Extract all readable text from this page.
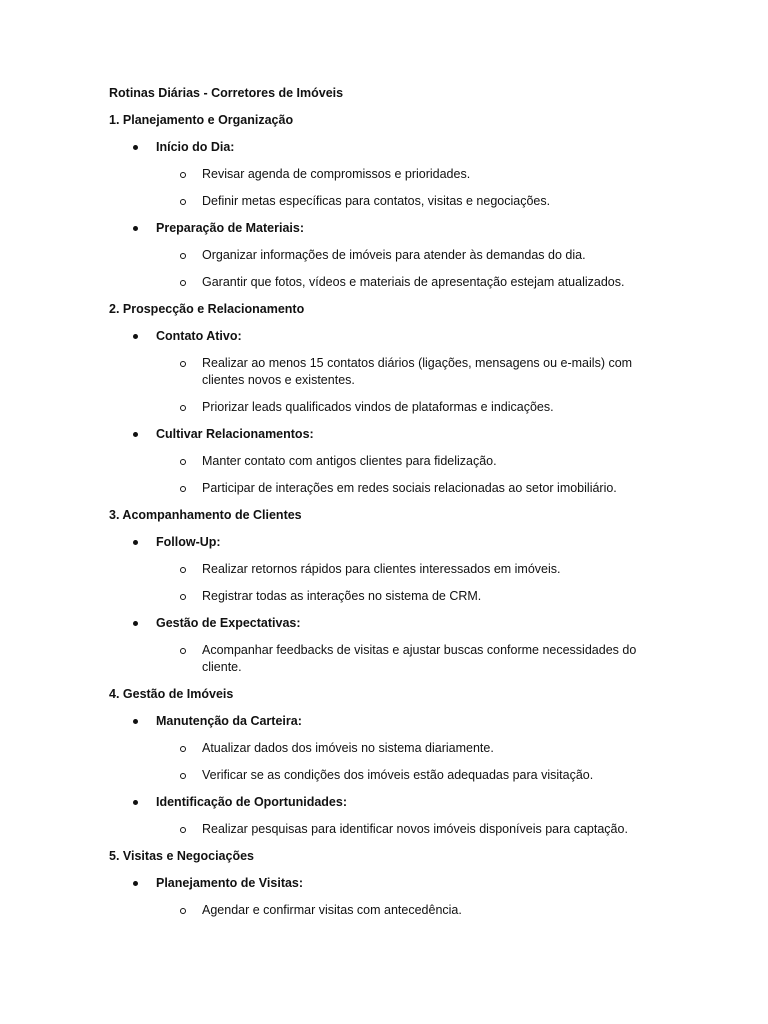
Rotinas Diárias - Corretores de Imóveis

1. Planejamento e Organização

Início do Dia:
Revisar agenda de compromissos e prioridades.
Definir metas específicas para contatos, visitas e negociações.
Preparação de Materiais:
Organizar informações de imóveis para atender às demandas do dia.
Garantir que fotos, vídeos e materiais de apresentação estejam atualizados.

2. Prospecção e Relacionamento

Contato Ativo:
Realizar ao menos 15 contatos diários (ligações, mensagens ou e-mails) com clientes novos e existentes.
Priorizar leads qualificados vindos de plataformas e indicações.
Cultivar Relacionamentos:
Manter contato com antigos clientes para fidelização.
Participar de interações em redes sociais relacionadas ao setor imobiliário.

3. Acompanhamento de Clientes

Follow-Up:
Realizar retornos rápidos para clientes interessados em imóveis.
Registrar todas as interações no sistema de CRM.
Gestão de Expectativas:
Acompanhar feedbacks de visitas e ajustar buscas conforme necessidades do cliente.

4. Gestão de Imóveis

Manutenção da Carteira:
Atualizar dados dos imóveis no sistema diariamente.
Verificar se as condições dos imóveis estão adequadas para visitação.
Identificação de Oportunidades:
Realizar pesquisas para identificar novos imóveis disponíveis para captação.

5. Visitas e Negociações

Planejamento de Visitas:
Agendar e confirmar visitas com antecedência.
